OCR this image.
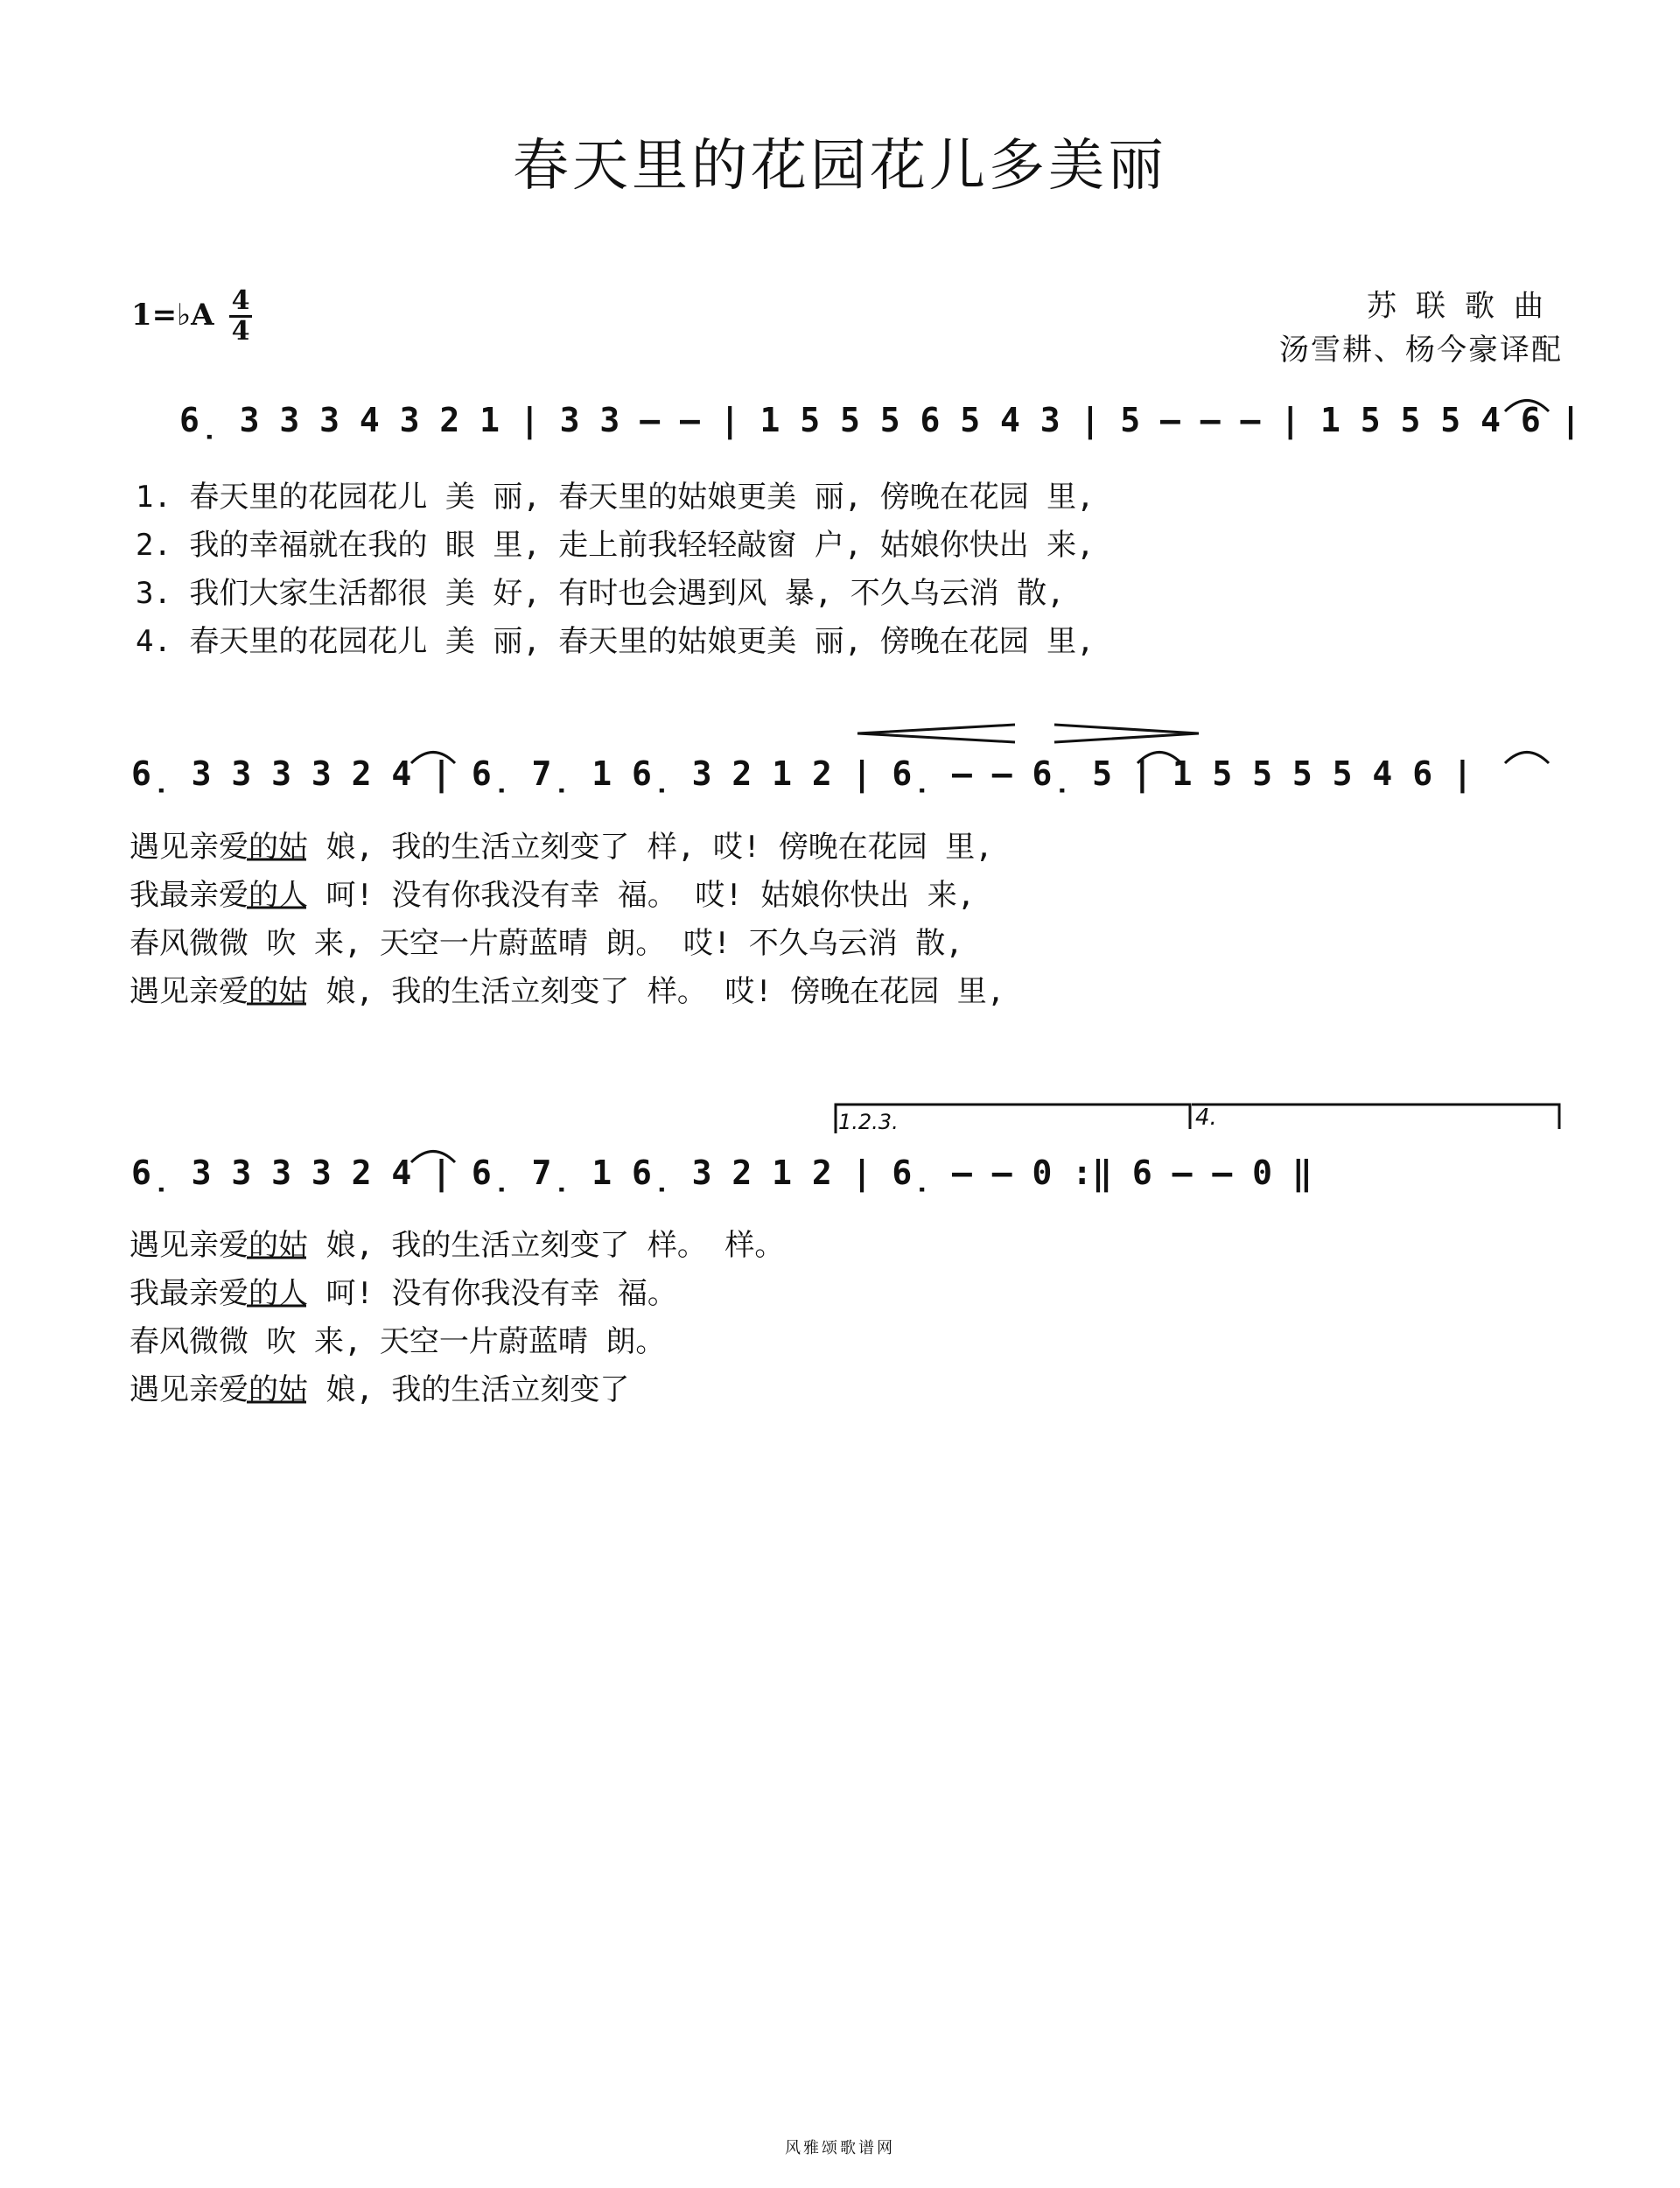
春天里的花园花儿多美丽
1=♭A 4
4
苏联歌曲
汤雪耕、杨今豪译配
6̣ 3 3 3 4 3 2 1 | 3 3 – – | 1 5 5 5 6 5 4 3 | 5 – – – | 1 5 5 5 4 6 |
1. 春天里的花园花儿 美 丽, 春天里的姑娘更美 丽, 傍晚在花园 里,
2. 我的幸福就在我的 眼 里, 走上前我轻轻敲窗 户, 姑娘你快出 来,
3. 我们大家生活都很 美 好, 有时也会遇到风 暴, 不久乌云消 散,
4. 春天里的花园花儿 美 丽, 春天里的姑娘更美 丽, 傍晚在花园 里,
6̣ 3 3 3 3 2 4 | 6̣ 7̣ 1 6̣ 3 2 1 2 | 6̣ – – 6̣ 5 | 1 5 5 5 5 4 6 |
遇见亲爱的姑 娘, 我的生活立刻变了 样, 哎! 傍晚在花园 里,
我最亲爱的人 呵! 没有你我没有幸 福。 哎! 姑娘你快出 来,
春风微微 吹 来, 天空一片蔚蓝晴 朗。 哎! 不久乌云消 散,
遇见亲爱的姑 娘, 我的生活立刻变了 样。 哎! 傍晚在花园 里,
1.2.3.	4.
6̣ 3 3 3 3 2 4 | 6̣ 7̣ 1 6̣ 3 2 1 2 | 6̣ – – 0 :‖ 6 – – 0 ‖
遇见亲爱的姑 娘, 我的生活立刻变了 样。 样。
我最亲爱的人 呵! 没有你我没有幸 福。
春风微微 吹 来, 天空一片蔚蓝晴 朗。
遇见亲爱的姑 娘, 我的生活立刻变了
风雅颂歌谱网
